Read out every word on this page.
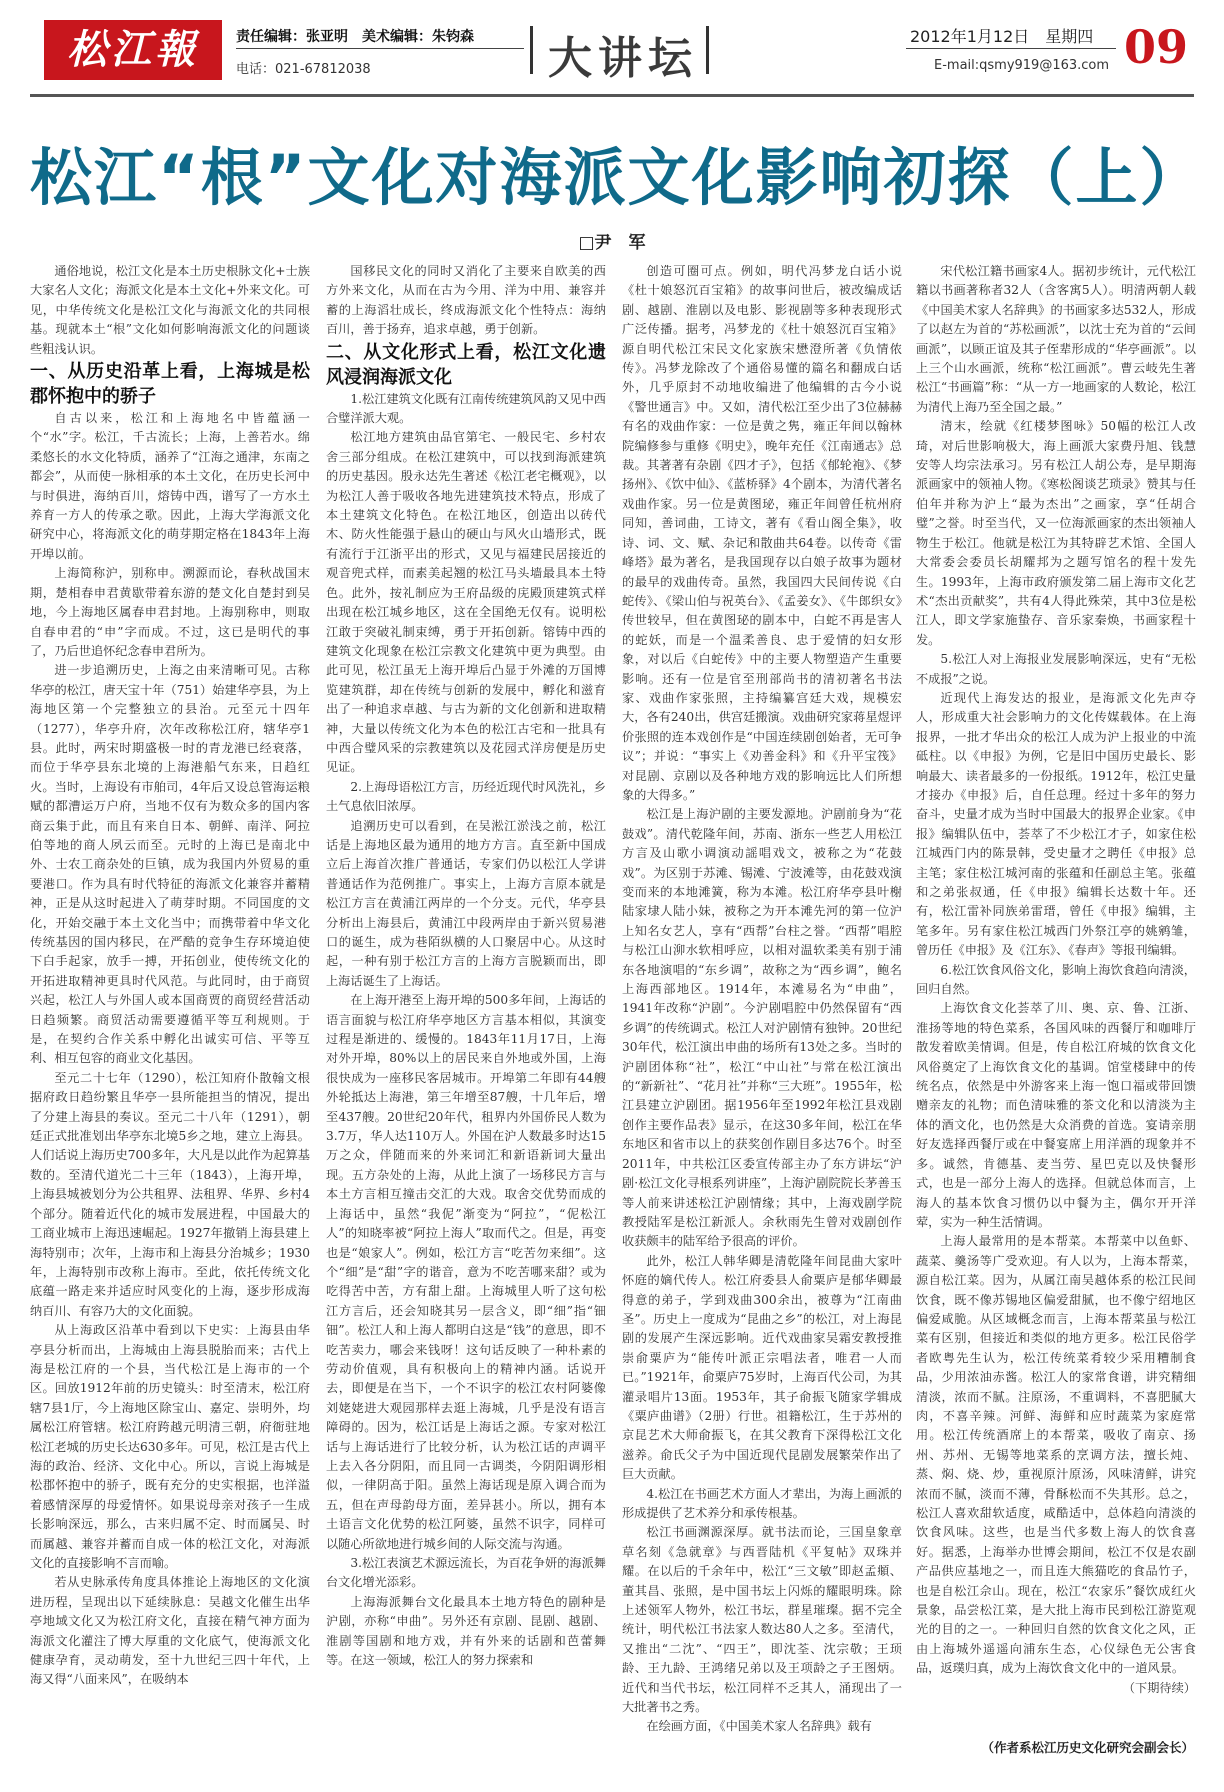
松江報	责任编辑：张亚明　美术编辑：朱钧森
电话：021-67812038	大讲坛	2012年1月12日　星期四
E-mail:qsmy919@163.com 09
松江“根”文化对海派文化影响初探（上）
□尹　军

通俗地说，松江文化是本土历史根脉文化+士族大家名人文化；海派文化是本土文化+外来文化。可见，中华传统文化是松江文化与海派文化的共同根基。现就本土“根”文化如何影响海派文化的问题谈些粗浅认识。

一、从历史沿革上看，上海城是松郡怀抱中的骄子

自古以来，松江和上海地名中皆蕴涵一个“水”字。松江，千古流长；上海，上善若水。绵柔悠长的水文化特质，涵养了“江海之通津，东南之都会”，从而使一脉相承的本土文化，在历史长河中与时俱进，海纳百川，熔铸中西，谱写了一方水土养育一方人的传承之歌。因此，上海大学海派文化研究中心，将海派文化的萌芽期定格在1843年上海开埠以前。

上海简称沪，别称申。溯源而论，春秋战国末期，楚相春申君黄歇带着东游的楚文化自楚封到吴地，今上海地区属春申君封地。上海别称申，则取自春申君的“申”字而成。不过，这已是明代的事了，乃后世追怀纪念春申君所为。

进一步追溯历史，上海之由来清晰可见。古称华亭的松江，唐天宝十年（751）始建华亭县，为上海地区第一个完整独立的县治。元至元十四年（1277），华亭升府，次年改称松江府，辖华亭1县。此时，两宋时期盛极一时的青龙港已经衰落，而位于华亭县东北境的上海港船气东来，日趋红火。当时，上海设有市舶司，4年后又设总管海运粮赋的都漕运万户府，当地不仅有为数众多的国内客商云集于此，而且有来自日本、朝鲜、南洋、阿拉伯等地的商人夙云而至。元时的上海已是南北中外、士农工商杂处的巨镇，成为我国内外贸易的重要港口。作为具有时代特征的海派文化兼容并蓄精神，正是从这时起进入了萌芽时期。不同国度的文化，开始交融于本土文化当中；而携带着中华文化传统基因的国内移民，在严酷的竞争生存环境迫使下白手起家，放手一搏，开拓创业，使传统文化的开拓进取精神更具时代风范。与此同时，由于商贸兴起，松江人与外国人或本国商贾的商贸经营活动日趋频繁。商贸活动需要遵循平等互利规则。于是，在契约合作关系中孵化出诚实可信、平等互利、相互包容的商业文化基因。

至元二十七年（1290），松江知府仆散翰文根据府政日趋纷繁且华亭一县所能担当的情况，提出了分建上海县的奏议。至元二十八年（1291），朝廷正式批准划出华亭东北境5乡之地，建立上海县。人们话说上海历史700多年，大凡是以此作为起算基数的。至清代道光二十三年（1843），上海开埠，上海县城被划分为公共租界、法租界、华界、乡村4个部分。随着近代化的城市发展进程，中国最大的工商业城市上海迅速崛起。1927年撤销上海县建上海特别市；次年，上海市和上海县分治城乡；1930年，上海特别市改称上海市。至此，依托传统文化底蕴一路走来并适应时风变化的上海，逐步形成海纳百川、有容乃大的文化面貌。

从上海政区沿革中看到以下史实：上海县由华亭县分析而出，上海城由上海县脱胎而来；古代上海是松江府的一个县，当代松江是上海市的一个区。回放1912年前的历史镜头：时至清末，松江府辖7县1厅，今上海地区除宝山、嘉定、崇明外，均属松江府管辖。松江府跨越元明清三朝，府衙驻地松江老城的历史长达630多年。可见，松江是古代上海的政治、经济、文化中心。所以，言说上海城是松郡怀抱中的骄子，既有充分的史实根据，也洋溢着感情深厚的母爱情怀。如果说母亲对孩子一生成长影响深远，那么，古来归属不定、时而属吴、时而属越、兼容并蓄而自成一体的松江文化，对海派文化的直接影响不言而喻。

若从史脉承传角度具体推论上海地区的文化演进历程，呈现出以下延续脉息：吴越文化催生出华亭地域文化又为松江府文化，直接在精气神方面为海派文化灌注了博大厚重的文化底气，使海派文化健康孕育，灵动萌发，至十九世纪三四十年代，上海又得“八面来风”，在吸纳本

国移民文化的同时又消化了主要来自欧美的西方外来文化，从而在古为今用、洋为中用、兼容并蓄的上海滔壮成长，终成海派文化个性特点：海纳百川，善于扬弃，追求卓越，勇于创新。

二、从文化形式上看，松江文化遗风浸润海派文化

1.松江建筑文化既有江南传统建筑风韵又见中西合璧洋派大观。

松江地方建筑由品官第宅、一般民宅、乡村农舍三部分组成。在松江建筑中，可以找到海派建筑的历史基因。殷永达先生著述《松江老宅概观》，以为松江人善于吸收各地先进建筑技术特点，形成了本土建筑文化特色。在松江地区，创造出以砖代木、防火性能强于悬山的硬山与风火山墙形式，既有流行于江浙平出的形式，又见与福建民居接近的观音兜式样，而素美起翘的松江马头墙最具本土特色。此外，按礼制应为王府品级的庑殿顶建筑式样出现在松江城乡地区，这在全国绝无仅有。说明松江敢于突破礼制束缚，勇于开拓创新。镕铸中西的建筑文化现象在松江宗教文化建筑中更为典型。由此可见，松江虽无上海开埠后凸显于外滩的万国博览建筑群，却在传统与创新的发展中，孵化和滋育出了一种追求卓越、与古为新的文化创新和进取精神，大量以传统文化为本色的松江古宅和一批具有中西合璧风采的宗教建筑以及花园式洋房便是历史见证。

2.上海母语松江方言，历经近现代时风洗礼，乡土气息依旧浓厚。

追溯历史可以看到，在吴淞江淤浅之前，松江话是上海地区最为通用的地方方言。直至新中国成立后上海首次推广普通话，专家们仍以松江人学讲普通话作为范例推广。事实上，上海方言原本就是松江方言在黄浦江两岸的一个分支。元代，华亭县分析出上海县后，黄浦江中段两岸由于新兴贸易港口的诞生，成为巷陌纵横的人口聚居中心。从这时起，一种有别于松江方言的上海方言脱颖而出，即上海话诞生了上海话。

在上海开港至上海开埠的500多年间，上海话的语言面貌与松江府华亭地区方言基本相似，其演变过程是渐进的、缓慢的。1843年11月17日，上海对外开埠，80%以上的居民来自外地或外国，上海很快成为一座移民客居城市。开埠第二年即有44艘外轮抵达上海港，第三年增至87艘，十几年后，增至437艘。20世纪20年代，租界内外国侨民人数为3.7万，华人达110万人。外国在沪人数最多时达15万之众，伴随而来的外来词汇和新语新词大量出现。五方杂处的上海，从此上演了一场移民方言与本土方言相互撞击交汇的大戏。取舍交优势而成的上海话中，虽然“我伲”渐变为“阿拉”，“伲松江人”的知晓率被“阿拉上海人”取而代之。但是，再变也是“娘家人”。例如，松江方言“吃苦勿来细”。这个“细”是“甜”字的谐音，意为不吃苦哪来甜？或为吃得苦中苦，方有甜上甜。上海城里人听了这句松江方言后，还会知晓其另一层含义，即“细”指“钿钿”。松江人和上海人都明白这是“钱”的意思，即不吃苦卖力，哪会来钱呀！这句话反映了一种朴素的劳动价值观，具有积极向上的精神内涵。话说开去，即便是在当下，一个不识字的松江农村阿婆像刘姥姥进大观园那样去逛上海城，几乎是没有语言障碍的。因为，松江话是上海话之源。专家对松江话与上海话进行了比较分析，认为松江话的声调平上去入各分阴阳，而且同一古调类，今阴阳调形相似，一律阴高于阳。虽然上海话现是原入调合而为五，但在声母韵母方面，差异甚小。所以，拥有本土语言文化优势的松江阿婆，虽然不识字，同样可以随心所欲地进行城乡间的人际交流与沟通。

3.松江表演艺术源远流长，为百花争妍的海派舞台文化增光添彩。

上海海派舞台文化最具本土地方特色的剧种是沪剧，亦称“申曲”。另外还有京剧、昆剧、越剧、淮剧等国剧和地方戏，并有外来的话剧和芭蕾舞等。在这一领域，松江人的努力探索和

创造可圈可点。例如，明代冯梦龙白话小说《杜十娘怒沉百宝箱》的故事问世后，被改编成话剧、越剧、淮剧以及电影、影视剧等多种表现形式广泛传播。据考，冯梦龙的《杜十娘怒沉百宝箱》源自明代松江宋民文化家族宋懋澄所著《负情侬传》。冯梦龙除改了个通俗易懂的篇名和翻成白话外，几乎原封不动地收编进了他编辑的古今小说《警世通言》中。又如，清代松江至少出了3位赫赫有名的戏曲作家：一位是黄之隽，雍正年间以翰林院编修参与重修《明史》，晚年充任《江南通志》总裁。其著著有杂剧《四才子》，包括《郁轮袍》、《梦扬州》、《饮中仙》、《蓝桥驿》4个剧本，为清代著名戏曲作家。另一位是黄图珌，雍正年间曾任杭州府同知，善词曲，工诗文，著有《看山阁全集》，收诗、词、文、赋、杂记和散曲共64卷。以传奇《雷峰塔》最为著名，是我国现存以白娘子故事为题材的最早的戏曲传奇。虽然，我国四大民间传说《白蛇传》、《梁山伯与祝英台》、《孟姜女》、《牛郎织女》传世较早，但在黄图珌的剧本中，白蛇不再是害人的蛇妖，而是一个温柔善良、忠于爱情的妇女形象，对以后《白蛇传》中的主要人物塑造产生重要影响。还有一位是官至刑部尚书的清初著名书法家、戏曲作家张照，主持编纂宫廷大戏，规模宏大，各有240出，供宫廷搬演。戏曲研究家蒋星煜评价张照的连本戏创作是“中国连续剧创始者，无可争议”；并说：“事实上《劝善金科》和《升平宝筏》对昆剧、京剧以及各种地方戏的影响远比人们所想象的大得多。”

松江是上海沪剧的主要发源地。沪剧前身为“花鼓戏”。清代乾隆年间，苏南、浙东一些艺人用松江方言及山歌小调演动謡唱戏文，被称之为“花鼓戏”。为区别于苏滩、锡滩、宁波滩等，由花鼓戏演变而来的本地滩簧，称为本滩。松江府华亭县叶榭陆家埭人陆小妹，被称之为开本滩先河的第一位沪上知名女艺人，享有“西帮”台柱之誉。“西帮”唱腔与松江山泖水软相呼应，以相对温软柔美有别于浦东各地演唱的“东乡调”，故称之为“西乡调”，鲍名上海西部地区。1914年，本滩易名为“申曲”，1941年改称“沪剧”。今沪剧唱腔中仍然保留有“西乡调”的传统调式。松江人对沪剧情有独钟。20世纪30年代，松江演出申曲的场所有13处之多。当时的沪剧团体称“社”，松江“中山社”与常在松江演出的“新新社”、“花月社”并称“三大班”。1955年，松江县建立沪剧团。据1956年至1992年松江县戏剧创作主要作品表》显示，在这30多年间，松江在华东地区和省市以上的获奖创作剧目多达76个。时至2011年，中共松江区委宣传部主办了东方讲坛“沪剧·松江文化寻根系列讲座”，上海沪剧院院长茅善玉等人前来讲述松江沪剧情缘；其中，上海戏剧学院教授陆军是松江新派人。余秋雨先生曾对戏剧创作收获颇丰的陆军给予很高的评价。

此外，松江人韩华卿是清乾隆年间昆曲大家叶怀庭的嫡代传人。松江府委县人俞粟庐是郁华卿最得意的弟子，学到戏曲300余出，被尊为“江南曲圣”。历史上一度成为“昆曲之乡”的松江，对上海昆剧的发展产生深远影响。近代戏曲家吴霜安教授推崇俞粟庐为“能传叶派正宗唱法者，唯君一人而已。”1921年，俞粟庐75岁时，上海百代公司，为其灌录唱片13面。1953年，其子俞振飞随家学辑成《粟庐曲谱》（2册）行世。祖籍松江，生于苏州的京昆艺术大师俞振飞，在其父教育下深得松江文化滋养。俞氏父子为中国近现代昆剧发展繁荣作出了巨大贡献。

4.松江在书画艺术方面人才辈出，为海上画派的形成提供了艺术养分和承传根基。

松江书画渊源深厚。就书法而论，三国皇象章草名刻《急就章》与西晋陆机《平复帖》双珠并耀。在以后的千余年中，松江“三文敏”即赵孟頫、董其昌、张照，是中国书坛上闪烁的耀眼明珠。除上述领军人物外，松江书坛，群星璀璨。据不完全统计，明代松江书法家人数达80人之多。至清代，又推出“二沈”、“四王”，即沈荃、沈宗敬；王顼龄、王九龄、王鸿绪兄弟以及王项龄之子王图炳。近代和当代书坛，松江同样不乏其人，涌现出了一大批著书之秀。

在绘画方面，《中国美术家人名辞典》载有

宋代松江籍书画家4人。据初步统计，元代松江籍以书画著称者32人（含客寓5人）。明清两朝人载《中国美术家人名辞典》的书画家多达532人，形成了以赵左为首的“苏松画派”，以沈士充为首的“云间画派”，以顾正谊及其子侄辈形成的“华亭画派”。以上三个山水画派，统称“松江画派”。曹云岐先生著松江“书画篇”称：“从一方一地画家的人数论，松江为清代上海乃至全国之最。”

清末，绘就《红楼梦图咏》50幅的松江人改琦，对后世影响极大，海上画派大家费丹旭、钱慧安等人均宗法承习。另有松江人胡公寿，是早期海派画家中的领袖人物。《寒松阁谈艺琐录》赞其与任伯年并称为沪上“最为杰出”之画家，享“任胡合璧”之誉。时至当代，又一位海派画家的杰出领袖人物生于松江。他就是松江为其特辟艺术馆、全国人大常委会委员长胡耀邦为之题写馆名的程十发先生。1993年，上海市政府颁发第二届上海市文化艺术“杰出贡献奖”，共有4人得此殊荣，其中3位是松江人，即文学家施蛰存、音乐家秦焕，书画家程十发。

5.松江人对上海报业发展影响深远，史有“无松不成报”之说。

近现代上海发达的报业，是海派文化先声夺人，形成重大社会影响力的文化传媒载体。在上海报界，一批才华出众的松江人成为沪上报业的中流砥柱。以《申报》为例，它是旧中国历史最长、影响最大、读者最多的一份报纸。1912年，松江史量才接办《申报》后，自任总理。经过十多年的努力奋斗，史量才成为当时中国最大的报界企业家。《申报》编辑队伍中，荟萃了不少松江才子，如家住松江城西门内的陈景韩，受史量才之聘任《申报》总主笔；家住松江城河南的张蕴和任副总主笔。张蕴和之弟张叔通，任《申报》编辑长达数十年。还有，松江雷补同族弟雷瑨，曾任《申报》编辑，主笔多年。另有家住松江城西门外祭江亭的姚鹓雏，曾历任《申报》及《江东》、《春声》等报刊编辑。

6.松江饮食风俗文化，影响上海饮食趋向清淡，回归自然。

上海饮食文化荟萃了川、奥、京、鲁、江浙、淮扬等地的特色菜系，各国风味的西餐厅和咖啡厅散发着欧美情调。但是，传自松江府城的饮食文化风俗奠定了上海饮食文化的基调。馆堂楼肆中的传统名点，依然是中外游客来上海一饱口福或带回馈赠亲友的礼物；而色清味雅的茶文化和以清淡为主体的酒文化，也仍然是大众消费的首选。宴请亲朋好友选择西餐厅或在中餐宴席上用洋酒的现象并不多。诚然，肯德基、麦当劳、星巴克以及快餐形式，也是一部分上海人的选择。但就总体而言，上海人的基本饮食习惯仍以中餐为主，偶尔开开洋荤，实为一种生活情调。

上海人最常用的是本帮菜。本帮菜中以鱼虾、蔬菜、羹汤等广受欢迎。有人以为，上海本帮菜，源自松江菜。因为，从属江南吴越体系的松江民间饮食，既不像苏锡地区偏爱甜腻，也不像宁绍地区偏爱咸脆。从区域概念而言，上海本帮菜虽与松江菜有区别，但接近和类似的地方更多。松江民俗学者欧粤先生认为，松江传统菜肴较少采用糟制食品，少用浓油赤酱。松江人的家常食谱，讲究精细清淡，浓而不腻。注原汤，不重调料，不喜肥腻大肉，不喜辛辣。河鲜、海鲜和应时蔬菜为家庭常用。松江传统酒席上的本帮菜，吸收了南京、扬州、苏州、无锡等地菜系的烹调方法，擅长炖、蒸、焖、烧、炒，重视原汁原汤，风味清鲜，讲究浓而不腻，淡而不薄，骨酥松而不失其形。总之，松江人喜欢甜软适度，咸酷适中，总体趋向清淡的饮食风味。这些，也是当代多数上海人的饮食喜好。据悉，上海举办世博会期间，松江不仅是农副产品供应基地之一，而且连大熊猫吃的食品竹子，也是自松江佘山。现在，松江“农家乐”餐饮成红火景象，品尝松江菜，是大批上海市民到松江游览观光的目的之一。一种回归自然的饮食文化之风，正由上海城外遥遥向浦东生态，心仪绿色无公害食品，返璞归真，成为上海饮食文化中的一道风景。

（下期待续）

（作者系松江历史文化研究会副会长）
